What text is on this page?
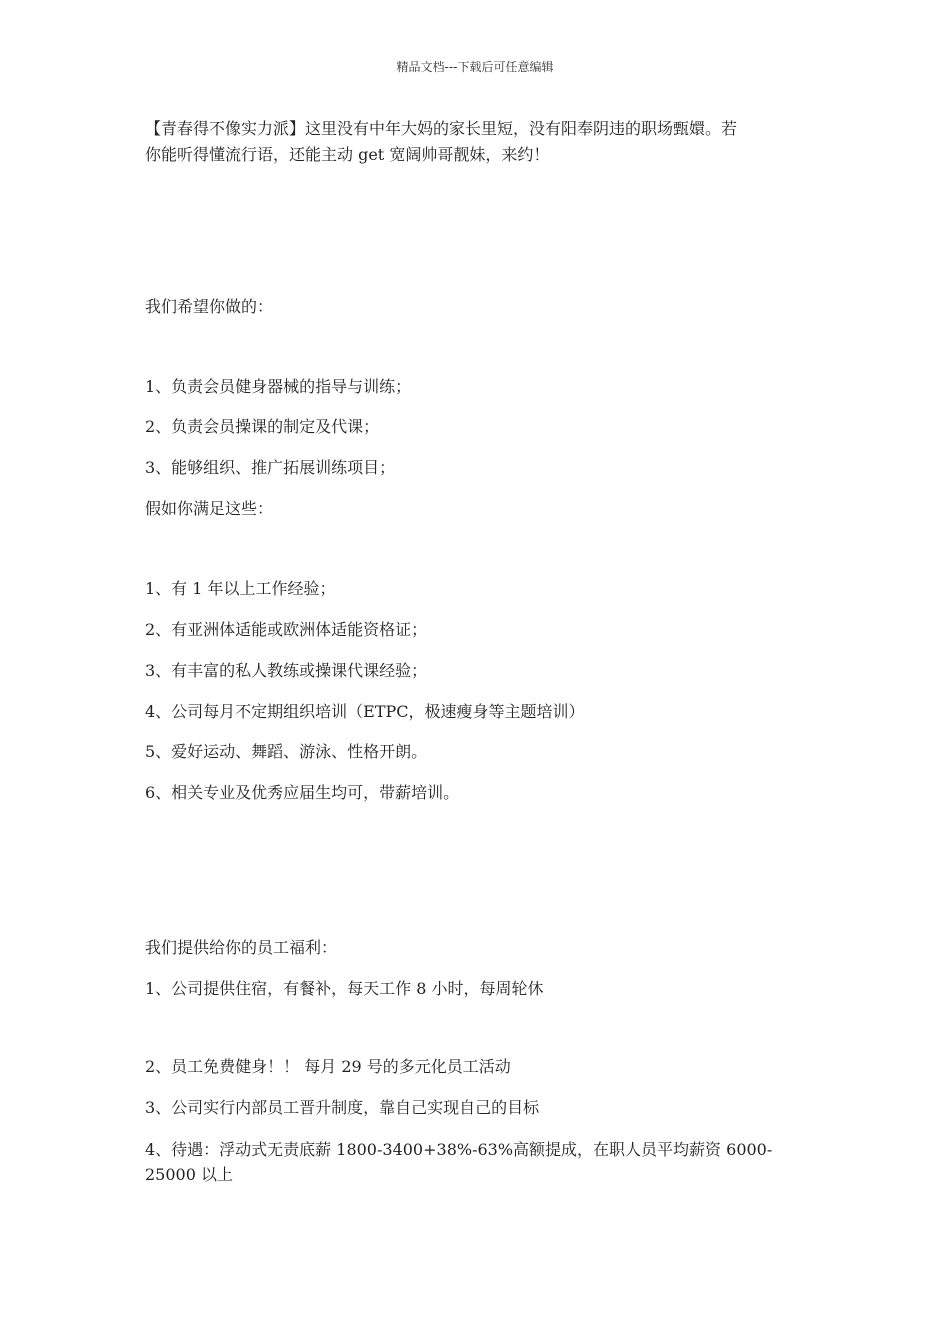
精品文档---下载后可任意编辑
【青春得不像实力派】这里没有中年大妈的家长里短，没有阳奉阴违的职场甄嬛。若
你能听得懂流行语，还能主动 get 宽阔帅哥靓妹，来约！
我们希望你做的：
1、负责会员健身器械的指导与训练；
2、负责会员操课的制定及代课；
3、能够组织、推广拓展训练项目；
假如你满足这些：
1、有 1 年以上工作经验；
2、有亚洲体适能或欧洲体适能资格证；
3、有丰富的私人教练或操课代课经验；
4、公司每月不定期组织培训（ETPC，极速瘦身等主题培训）
5、爱好运动、舞蹈、游泳、性格开朗。
6、相关专业及优秀应届生均可，带薪培训。
我们提供给你的员工福利：
1、公司提供住宿，有餐补，每天工作 8 小时，每周轮休
2、员工免费健身！！ 每月 29 号的多元化员工活动
3、公司实行内部员工晋升制度，靠自己实现自己的目标
4、待遇：浮动式无责底薪 1800-3400+38%-63%高额提成，在职人员平均薪资 6000-
25000 以上
